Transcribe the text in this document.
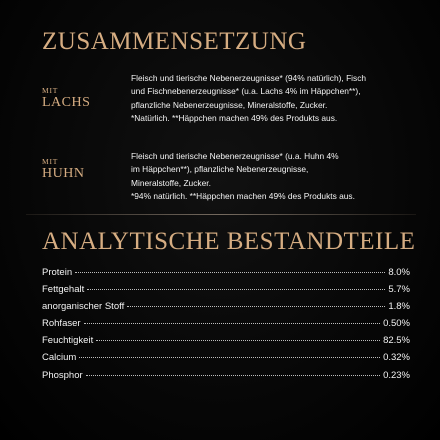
ZUSAMMENSETZUNG
MIT
LACHS

Fleisch und tierische Nebenerzeugnisse* (94% natürlich), Fisch

und Fischnebenerzeugnisse* (u.a. Lachs 4% im Häppchen**),

pflanzliche Nebenerzeugnisse, Mineralstoffe, Zucker.

*Natürlich. **Häppchen machen 49% des Produkts aus.

MIT
HUHN

Fleisch und tierische Nebenerzeugnisse* (u.a. Huhn 4%

im Häppchen**), pflanzliche Nebenerzeugnisse,

Mineralstoffe, Zucker.

*94% natürlich. **Häppchen machen 49% des Produkts aus.

ANALYTISCHE BESTANDTEILE
Protein	8.0%
Fettgehalt	5.7%
anorganischer Stoff	1.8%
Rohfaser	0.50%
Feuchtigkeit	82.5%
Calcium	0.32%
Phosphor	0.23%
